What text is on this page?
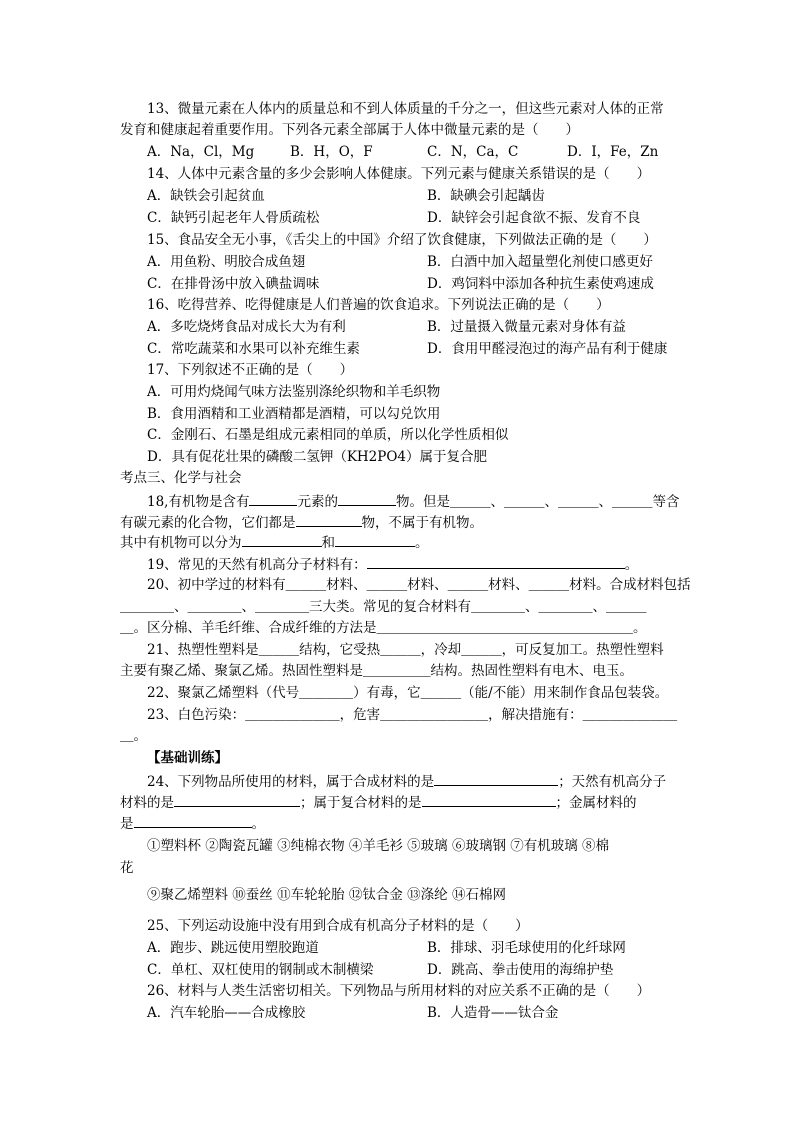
13、微量元素在人体内的质量总和不到人体质量的千分之一，但这些元素对人体的正常
发育和健康起着重要作用。下列各元素全部属于人体中微量元素的是（　　）
A．Na，Cl，Mg	B．H，O，F	C．N，Ca，C	D．I，Fe，Zn
14、人体中元素含量的多少会影响人体健康。下列元素与健康关系错误的是（　　）
A．缺铁会引起贫血	B．缺碘会引起龋齿
C．缺钙引起老年人骨质疏松	D．缺锌会引起食欲不振、发育不良
15、食品安全无小事，《舌尖上的中国》介绍了饮食健康，下列做法正确的是（　　）
A．用鱼粉、明胶合成鱼翅	B．白酒中加入超量塑化剂使口感更好
C．在排骨汤中放入碘盐调味	D．鸡饲料中添加各种抗生素使鸡速成
16、吃得营养、吃得健康是人们普遍的饮食追求。下列说法正确的是（　　）
A．多吃烧烤食品对成长大为有利	B．过量摄入微量元素对身体有益
C．常吃蔬菜和水果可以补充维生素	D．食用甲醛浸泡过的海产品有利于健康
17、下列叙述不正确的是（　　）
A．可用灼烧闻气味方法鉴别涤纶织物和羊毛织物
B．食用酒精和工业酒精都是酒精，可以勾兑饮用
C．金刚石、石墨是组成元素相同的单质，所以化学性质相似
D．具有促花壮果的磷酸二氢钾（KH2PO4）属于复合肥
考点三、化学与社会
18,有机物是含有	元素的	物。但是＿＿＿、＿＿＿、＿＿＿、＿＿＿等含
有碳元素的化合物，它们都是	物，不属于有机物。
其中有机物可以分为	和	。
19、常见的天然有机高分子材料有：	。
20、初中学过的材料有＿＿＿材料、＿＿＿材料、＿＿＿材料、＿＿＿材料。合成材料包括
＿＿＿＿、＿＿＿＿、＿＿＿＿三大类。常见的复合材料有＿＿＿＿、＿＿＿＿、＿＿＿
＿。区分棉、羊毛纤维、合成纤维的方法是＿＿＿＿＿＿＿＿＿＿＿＿＿＿＿＿＿＿＿。
21、热塑性塑料是＿＿＿结构，它受热＿＿＿，冷却＿＿＿，可反复加工。热塑性塑料
主要有聚乙烯、聚氯乙烯。热固性塑料是＿＿＿＿＿结构。热固性塑料有电木、电玉。
22、聚氯乙烯塑料（代号＿＿＿＿）有毒，它＿＿＿（能/不能）用来制作食品包装袋。
23、白色污染：＿＿＿＿＿＿＿，危害＿＿＿＿＿＿＿＿，解决措施有：＿＿＿＿＿＿＿
＿。
【基础训练】
24、下列物品所使用的材料，属于合成材料的是	；天然有机高分子
材料的是	；属于复合材料的是	；金属材料的
是	。
①塑料杯 ②陶瓷瓦罐 ③纯棉衣物 ④羊毛衫 ⑤玻璃 ⑥玻璃钢 ⑦有机玻璃 ⑧棉
花
⑨聚乙烯塑料 ⑩蚕丝 ⑪车轮轮胎 ⑫钛合金 ⑬涤纶 ⑭石棉网
25、下列运动设施中没有用到合成有机高分子材料的是（　　）
A．跑步、跳远使用塑胶跑道	B．排球、羽毛球使用的化纤球网
C．单杠、双杠使用的钢制或木制横梁	D．跳高、拳击使用的海绵护垫
26、材料与人类生活密切相关。下列物品与所用材料的对应关系不正确的是（　　）
A．汽车轮胎——合成橡胶	B．人造骨——钛合金
